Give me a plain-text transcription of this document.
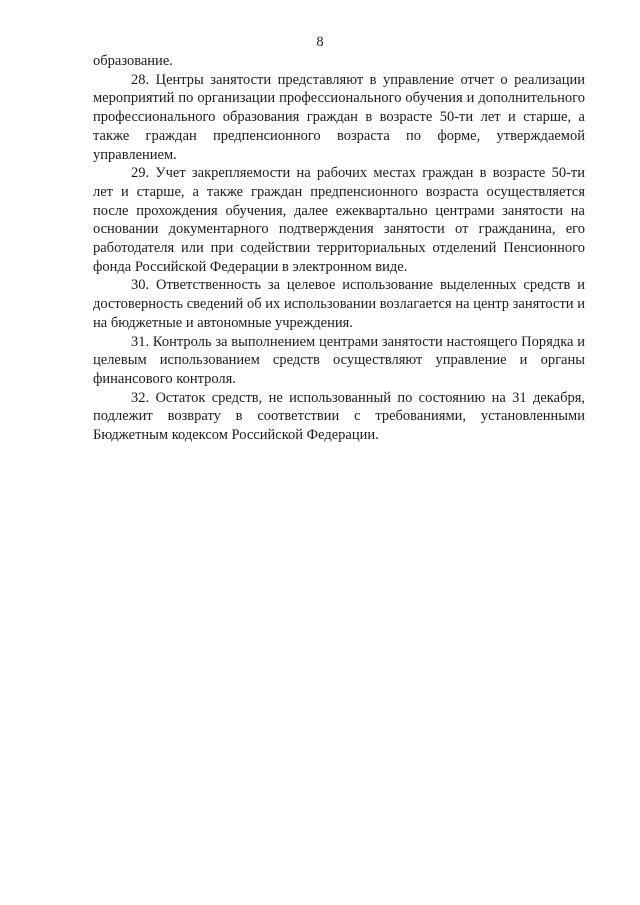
8

образование.

28. Центры занятости представляют в управление отчет о реализации мероприятий по организации профессионального обучения и дополнительного профессионального образования граждан в возрасте 50-ти лет и старше, а также граждан предпенсионного возраста по форме, утверждаемой управлением.

29. Учет закрепляемости на рабочих местах граждан в возрасте 50-ти лет и старше, а также граждан предпенсионного возраста осуществляется после прохождения обучения, далее ежеквартально центрами занятости на основании документарного подтверждения занятости от гражданина, его работодателя или при содействии территориальных отделений Пенсионного фонда Российской Федерации в электронном виде.

30. Ответственность за целевое использование выделенных средств и достоверность сведений об их использовании возлагается на центр занятости и на бюджетные и автономные учреждения.

31. Контроль за выполнением центрами занятости настоящего Порядка и целевым использованием средств осуществляют управление и органы финансового контроля.

32. Остаток средств, не использованный по состоянию на 31 декабря, подлежит возврату в соответствии с требованиями, установленными Бюджетным кодексом Российской Федерации.
